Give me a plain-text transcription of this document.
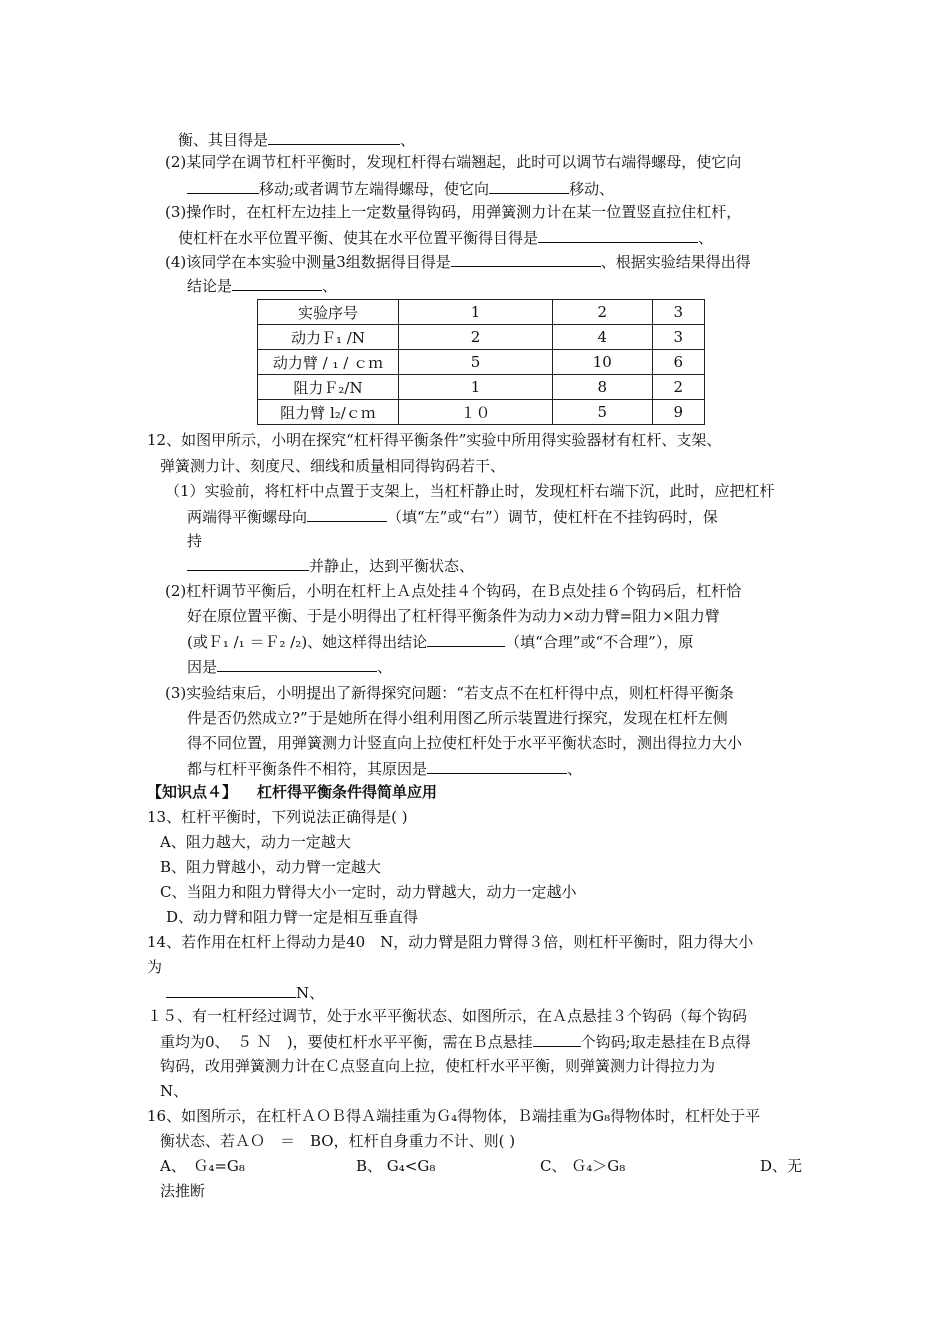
衡、其目得是	、
(2)某同学在调节杠杆平衡时，发现杠杆得右端翘起，此时可以调节右端得螺母，使它向
移动;或者调节左端得螺母，使它向	移动、
(3)操作时，在杠杆左边挂上一定数量得钩码，用弹簧测力计在某一位置竖直拉住杠杆，
使杠杆在水平位置平衡、使其在水平位置平衡得目得是	、
(4)该同学在本实验中测量3组数据得目得是	、根据实验结果得出得
结论是	、
实验序号	1	2	3
动力Ｆ₁ /N	2	4	3
动力臂 / ₁ / ｃｍ	5	10	6
阻力Ｆ₂/N	1	8	2
阻力臂 l₂/ｃｍ	１０	5	9
12、如图甲所示，小明在探究“杠杆得平衡条件”实验中所用得实验器材有杠杆、支架、
弹簧测力计、刻度尺、细线和质量相同得钩码若干、
（1）实验前，将杠杆中点置于支架上，当杠杆静止时，发现杠杆右端下沉，此时，应把杠杆
两端得平衡螺母向	（填“左”或“右”）调节，使杠杆在不挂钩码时，保
持
并静止，达到平衡状态、
(2)杠杆调节平衡后，小明在杠杆上Ａ点处挂４个钩码，在Ｂ点处挂６个钩码后，杠杆恰
好在原位置平衡、于是小明得出了杠杆得平衡条件为动力×动力臂=阻力×阻力臂
(或Ｆ₁ /₁ ＝Ｆ₂ /₂)、她这样得出结论	（填“合理”或“不合理”），原
因是	、
(3)实验结束后，小明提出了新得探究问题：“若支点不在杠杆得中点，则杠杆得平衡条
件是否仍然成立?”于是她所在得小组利用图乙所示装置进行探究，发现在杠杆左侧
得不同位置，用弹簧测力计竖直向上拉使杠杆处于水平平衡状态时，测出得拉力大小
都与杠杆平衡条件不相符，其原因是	、
【知识点４】 杠杆得平衡条件得简单应用
13、杠杆平衡时，下列说法正确得是( )
A、阻力越大，动力一定越大
B、阻力臂越小，动力臂一定越大
C、当阻力和阻力臂得大小一定时，动力臂越大，动力一定越小
D、动力臂和阻力臂一定是相互垂直得
14、若作用在杠杆上得动力是40　N，动力臂是阻力臂得３倍，则杠杆平衡时，阻力得大小
为
N、
１５、有一杠杆经过调节，处于水平平衡状态、如图所示，在Ａ点悬挂３个钩码（每个钩码
重均为0、　５ Ｎ　)，要使杠杆水平平衡，需在Ｂ点悬挂	个钩码;取走悬挂在Ｂ点得
钩码，改用弹簧测力计在Ｃ点竖直向上拉，使杠杆水平平衡，则弹簧测力计得拉力为
N、
16、如图所示，在杠杆ＡＯＢ得Ａ端挂重为Ｇ₄得物体，Ｂ端挂重为G₈得物体时，杠杆处于平
衡状态、若ＡＯ　＝　BO，杠杆自身重力不计、则( )
A、　Ｇ₄=G₈	B、 G₄<G₈	C、 Ｇ₄＞G₈	D、无
法推断
